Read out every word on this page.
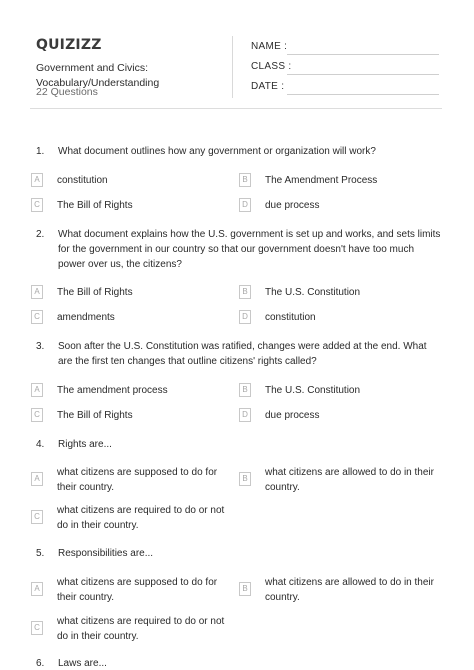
QUIZIZZ
Government and Civics: Vocabulary/Understanding
22 Questions
NAME :
CLASS :
DATE :
1. What document outlines how any government or organization will work?
A	constitution	B	The Amendment Process
C	The Bill of Rights	D	due process
2. What document explains how the U.S. government is set up and works, and sets limits for the government in our country so that our government doesn't have too much power over us, the citizens?
A	The Bill of Rights	B	The U.S. Constitution
C	amendments	D	constitution
3. Soon after the U.S. Constitution was ratified, changes were added at the end. What are the first ten changes that outline citizens' rights called?
A	The amendment process	B	The U.S. Constitution
C	The Bill of Rights	D	due process
4. Rights are...
A
what citizens are supposed to do for their country.
B
what citizens are allowed to do in their country.
C
what citizens are required to do or not do in their country.
5. Responsibilities are...
A
what citizens are supposed to do for their country.
B
what citizens are allowed to do in their country.
C
what citizens are required to do or not do in their country.
6. Laws are...
